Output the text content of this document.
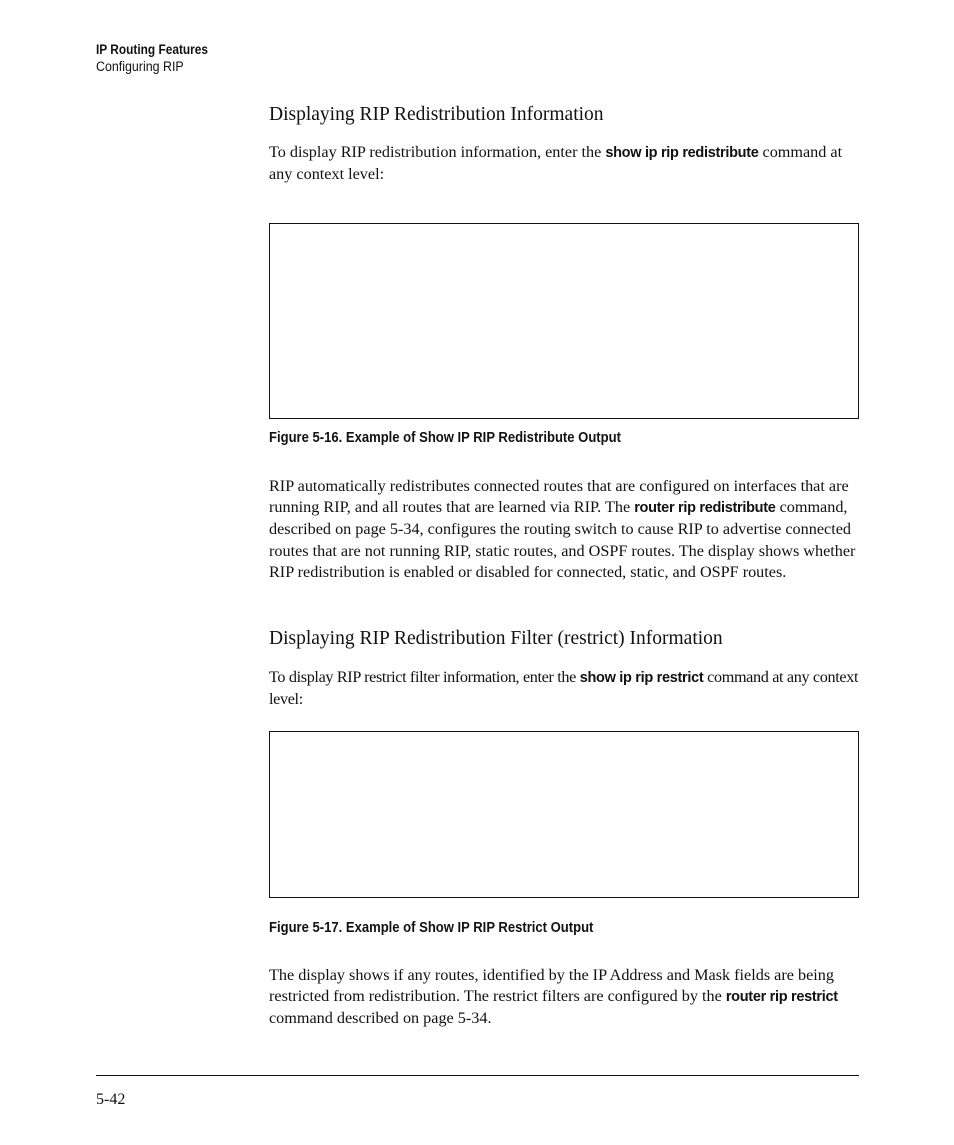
IP Routing Features
Configuring RIP
Displaying RIP Redistribution Information

To display RIP redistribution information, enter the show ip rip redistribute command at any context level:

Figure 5-16. Example of Show IP RIP Redistribute Output

RIP automatically redistributes connected routes that are configured on interfaces that are running RIP, and all routes that are learned via RIP. The router rip redistribute command, described on page 5-34, configures the routing switch to cause RIP to advertise connected routes that are not running RIP, static routes, and OSPF routes. The display shows whether RIP redistribution is enabled or disabled for connected, static, and OSPF routes.

Displaying RIP Redistribution Filter (restrict) Information

To display RIP restrict filter information, enter the show ip rip restrict command at any context level:

Figure 5-17. Example of Show IP RIP Restrict Output

The display shows if any routes, identified by the IP Address and Mask fields are being restricted from redistribution. The restrict filters are configured by the router rip restrict command described on page 5-34.

5-42
